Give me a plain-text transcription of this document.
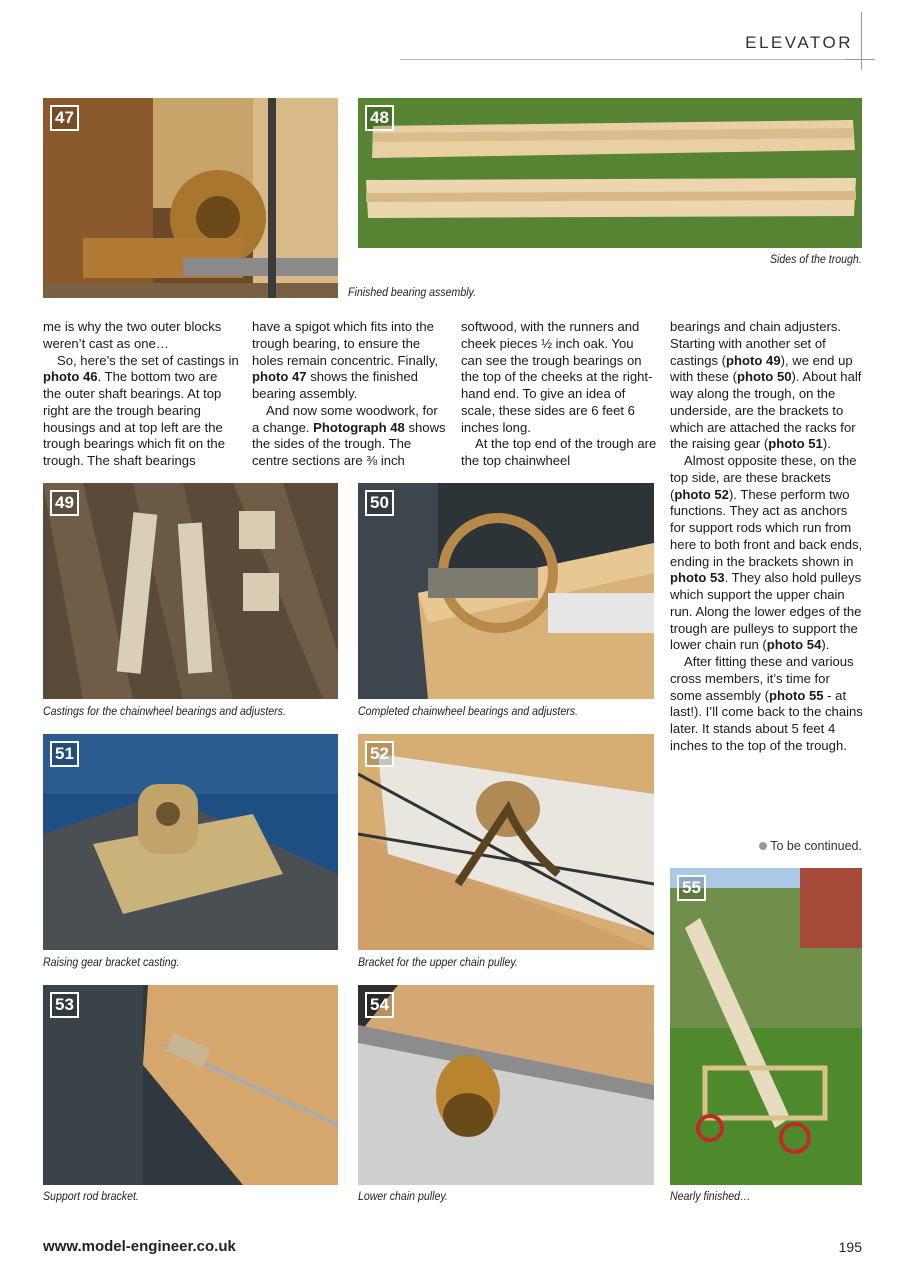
ELEVATOR
47
Finished bearing assembly.
48
Sides of the trough.

me is why the two outer blocks weren’t cast as one…

So, here’s the set of castings in photo 46. The bottom two are the outer shaft bearings. At top right are the trough bearing housings and at top left are the trough bearings which fit on the trough. The shaft bearings

have a spigot which fits into the trough bearing, to ensure the holes remain concentric. Finally, photo 47 shows the finished bearing assembly.

And now some woodwork, for a change. Photograph 48 shows the sides of the trough. The centre sections are ⅜ inch

softwood, with the runners and cheek pieces ½ inch oak. You can see the trough bearings on the top of the cheeks at the right-hand end. To give an idea of scale, these sides are 6 feet 6 inches long.

At the top end of the trough are the top chainwheel

bearings and chain adjusters. Starting with another set of castings (photo 49), we end up with these (photo 50). About half way along the trough, on the underside, are the brackets to which are attached the racks for the raising gear (photo 51).

Almost opposite these, on the top side, are these brackets (photo 52). These perform two functions. They act as anchors for support rods which run from here to both front and back ends, ending in the brackets shown in photo 53. They also hold pulleys which support the upper chain run. Along the lower edges of the trough are pulleys to support the lower chain run (photo 54).

After fitting these and various cross members, it’s time for some assembly (photo 55 - at last!). I’ll come back to the chains later. It stands about 5 feet 4 inches to the top of the trough.

To be continued.
49
Castings for the chainwheel bearings and adjusters.
50
Completed chainwheel bearings and adjusters.
51
Raising gear bracket casting.
52
Bracket for the upper chain pulley.
55
Nearly finished…
53
Support rod bracket.
54
Lower chain pulley.
www.model-engineer.co.uk	195
